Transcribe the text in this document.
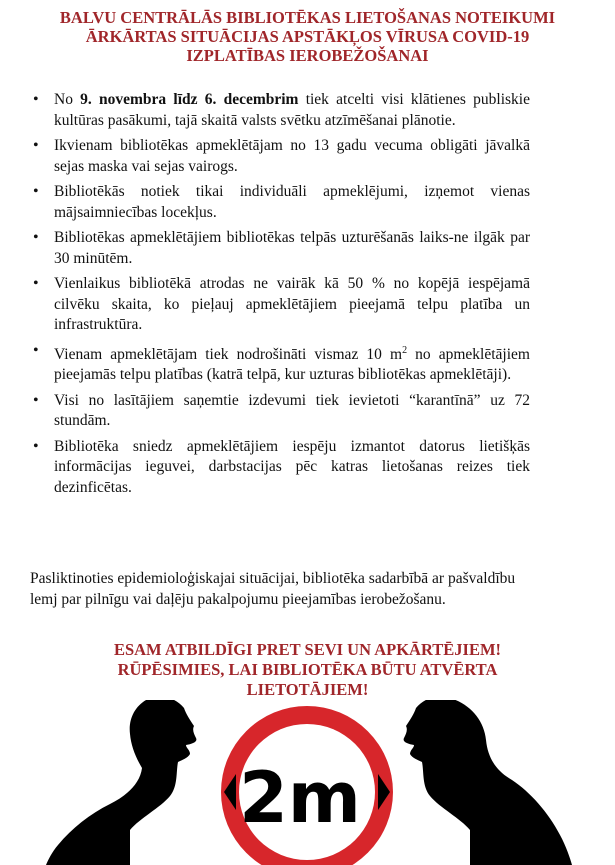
BALVU CENTRĀLĀS BIBLIOTĒKAS LIETOŠANAS NOTEIKUMI
ĀRKĀRTAS SITUĀCIJAS APSTĀKĻOS VĪRUSA COVID-19
IZPLATĪBAS IEROBEŽOŠANAI
• No 9. novembra līdz 6. decembrim tiek atcelti visi klātienes publiskie kultūras pasākumi, tajā skaitā valsts svētku atzīmēšanai plānotie.
• Ikvienam bibliotēkas apmeklētājam no 13 gadu vecuma obligāti jāvalkā sejas maska vai sejas vairogs.
• Bibliotēkās notiek tikai individuāli apmeklējumi, izņemot vienas mājsaimniecības locekļus.
• Bibliotēkas apmeklētājiem bibliotēkas telpās uzturēšanās laiks-ne ilgāk par 30 minūtēm.
• Vienlaikus bibliotēkā atrodas ne vairāk kā 50 % no kopējā iespējamā cilvēku skaita, ko pieļauj apmeklētājiem pieejamā telpu platība un infrastruktūra.
• Vienam apmeklētājam tiek nodrošināti vismaz 10 $m^2$ no apmeklētājiem pieejamās telpu platības (katrā telpā, kur uzturas bibliotēkas apmeklētāji).
• Visi no lasītājiem saņemtie izdevumi tiek ievietoti “karantīnā” uz 72 stundām.
• Bibliotēka sniedz apmeklētājiem iespēju izmantot datorus lietišķās informācijas ieguvei, darbstacijas pēc katras lietošanas reizes tiek dezinficētas.
Pasliktinoties epidemioloģiskajai situācijai, bibliotēka sadarbībā ar pašvaldību
lemj par pilnīgu vai daļēju pakalpojumu pieejamības ierobežošanu.
ESAM ATBILDĪGI PRET SEVI UN APKĀRTĒJIEM!
RŪPĒSIMIES, LAI BIBLIOTĒKA BŪTU ATVĒRTA
LIETOTĀJIEM!
2m
